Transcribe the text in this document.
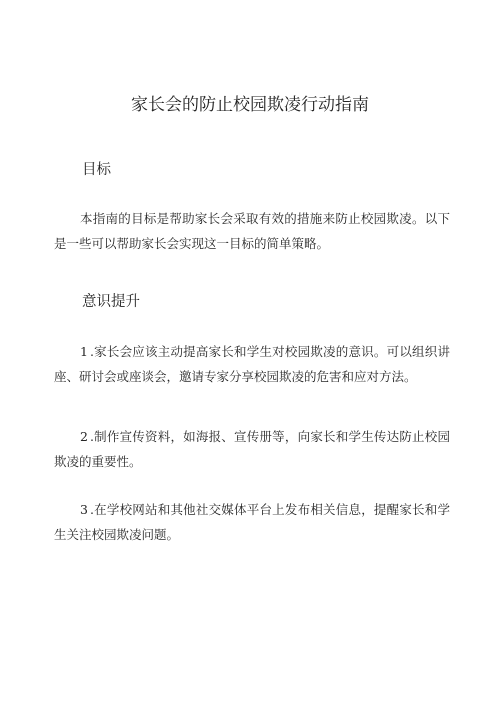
家长会的防止校园欺凌行动指南
目标

本指南的目标是帮助家长会采取有效的措施来防止校园欺凌。以下是一些可以帮助家长会实现这一目标的简单策略。

意识提升

1 .家长会应该主动提高家长和学生对校园欺凌的意识。可以组织讲座、研讨会或座谈会，邀请专家分享校园欺凌的危害和应对方法。

2 .制作宣传资料，如海报、宣传册等，向家长和学生传达防止校园欺凌的重要性。

3 .在学校网站和其他社交媒体平台上发布相关信息，提醒家长和学生关注校园欺凌问题。
